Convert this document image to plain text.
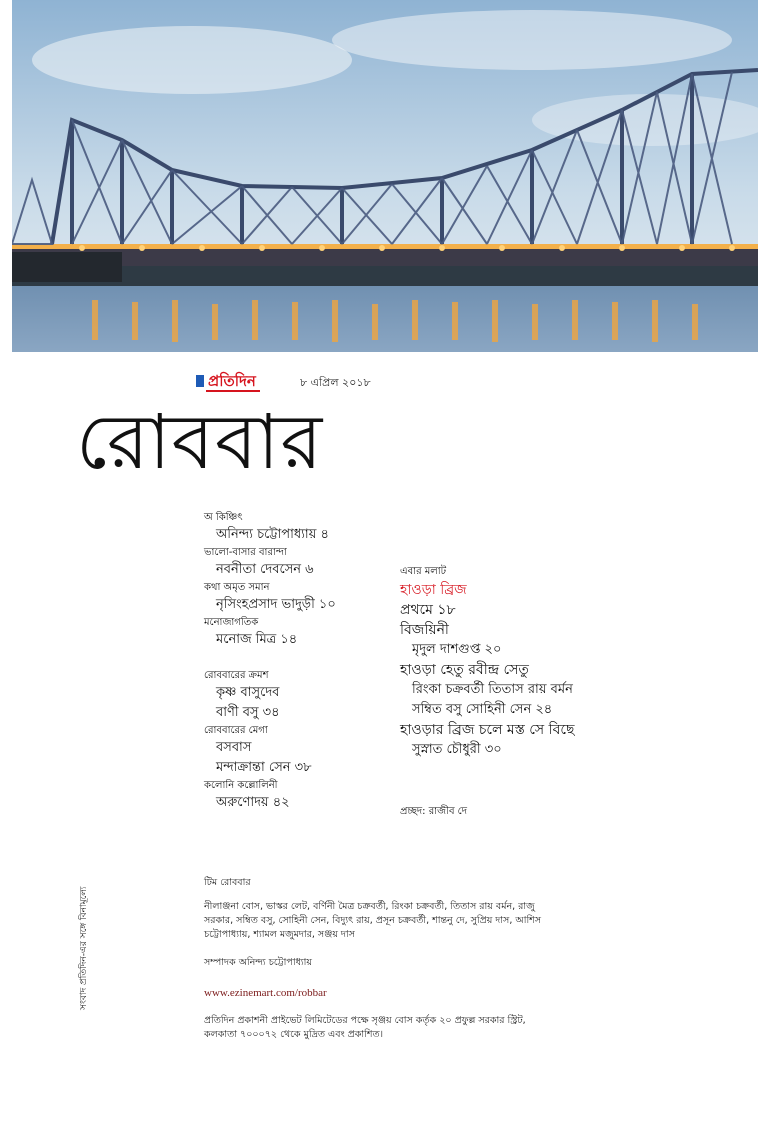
প্রতিদিন	৮ এপ্রিল ২০১৮
রোববার
অ কিঞ্চিৎ
অনিন্দ্য চট্টোপাধ্যায় ৪
ভালো-বাসার বারান্দা
নবনীতা দেবসেন ৬
কথা অমৃত সমান
নৃসিংহপ্রসাদ ভাদুড়ী ১০
মনোজাগতিক
মনোজ মিত্র ১৪
রোববারের ক্রমশ
কৃষ্ণ বাসুদেব
বাণী বসু ৩৪
রোববারের মেগা
বসবাস
মন্দাক্রান্তা সেন ৩৮
কলোনি কল্লোলিনী
অরুণোদয় ৪২
এবার মলাট
হাওড়া ব্রিজ
প্রথমে ১৮
বিজয়িনী
মৃদুল দাশগুপ্ত ২০
হাওড়া হেতু রবীন্দ্র সেতু
রিংকা চক্রবর্তী তিতাস রায় বর্মন
সম্বিত বসু সোহিনী সেন ২৪
হাওড়ার ব্রিজ চলে মস্ত সে বিছে
সুস্নাত চৌধুরী ৩০
প্রচ্ছদ: রাজীব দে
সংবাদ প্রতিদিন-এর সঙ্গে বিনামূল্যে

টিম রোববার

নীলাঞ্জনা বোস, ভাস্কর লেট, বর্ণিনী মৈত্র চক্রবর্তী, রিংকা চক্রবর্তী, তিতাস রায় বর্মন, রাজু সরকার, সম্বিত বসু, সোহিনী সেন, বিদ্যুৎ রায়, প্রসূন চক্রবর্তী, শান্তনু দে, সুপ্রিয় দাস, আশিস চট্টোপাধ্যায়, শ্যামল মজুমদার, সঞ্জয় দাস

সম্পাদক অনিন্দ্য চট্টোপাধ্যায়

www.ezinemart.com/robbar

প্রতিদিন প্রকাশনী প্রাইভেট লিমিটেডের পক্ষে সৃঞ্জয় বোস কর্তৃক ২০ প্রফুল্ল সরকার স্ট্রিট, কলকাতা ৭০০০৭২ থেকে মুদ্রিত এবং প্রকাশিত।
